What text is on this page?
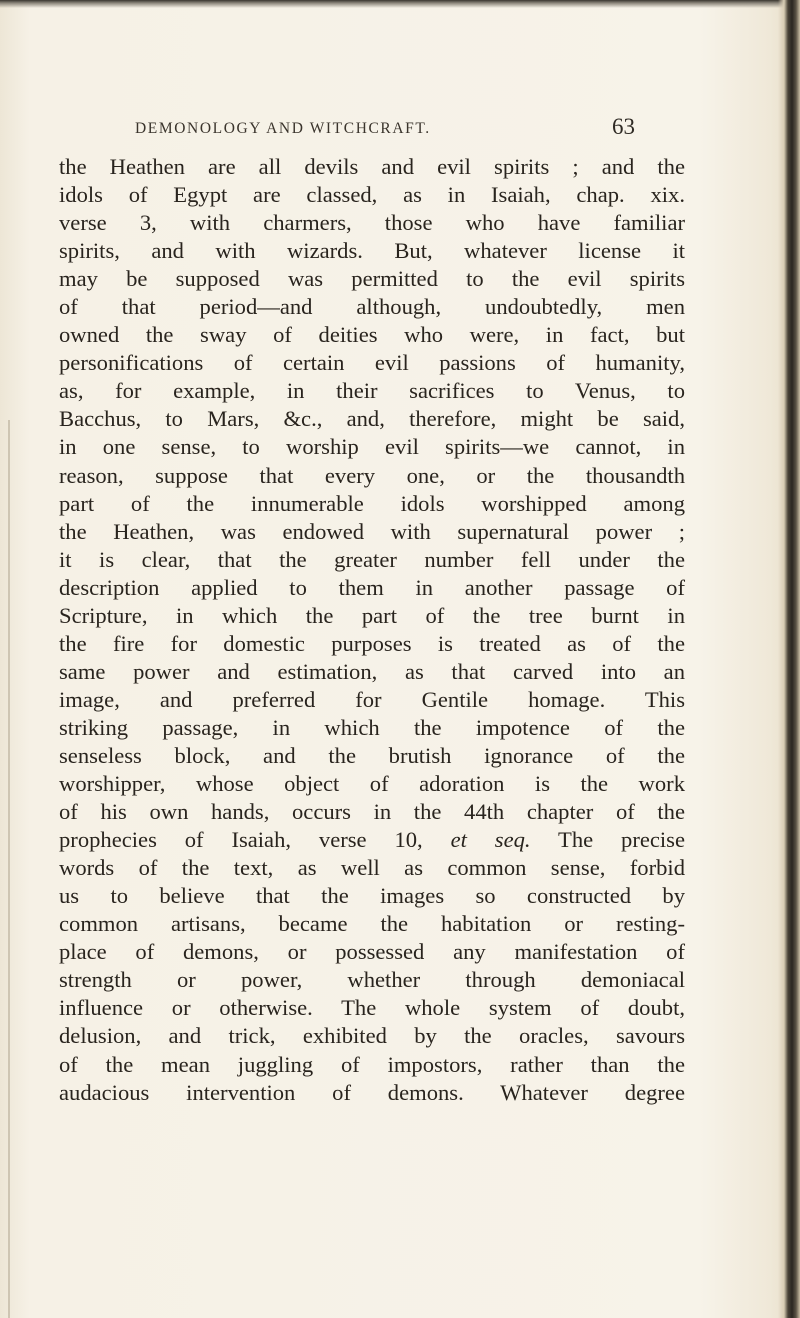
DEMONOLOGY AND WITCHCRAFT.	63
the Heathen are all devils and evil spirits ; and the
idols of Egypt are classed, as in Isaiah, chap. xix.
verse 3, with charmers, those who have familiar
spirits, and with wizards. But, whatever license it
may be supposed was permitted to the evil spirits
of that period—and although, undoubtedly, men
owned the sway of deities who were, in fact, but
personifications of certain evil passions of humanity,
as, for example, in their sacrifices to Venus, to
Bacchus, to Mars, &c., and, therefore, might be said,
in one sense, to worship evil spirits—we cannot, in
reason, suppose that every one, or the thousandth
part of the innumerable idols worshipped among
the Heathen, was endowed with supernatural power ;
it is clear, that the greater number fell under the
description applied to them in another passage of
Scripture, in which the part of the tree burnt in
the fire for domestic purposes is treated as of the
same power and estimation, as that carved into an
image, and preferred for Gentile homage. This
striking passage, in which the impotence of the
senseless block, and the brutish ignorance of the
worshipper, whose object of adoration is the work
of his own hands, occurs in the 44th chapter of the
prophecies of Isaiah, verse 10, et seq. The precise
words of the text, as well as common sense, forbid
us to believe that the images so constructed by
common artisans, became the habitation or resting-
place of demons, or possessed any manifestation of
strength or power, whether through demoniacal
influence or otherwise. The whole system of doubt,
delusion, and trick, exhibited by the oracles, savours
of the mean juggling of impostors, rather than the
audacious intervention of demons. Whatever degree
